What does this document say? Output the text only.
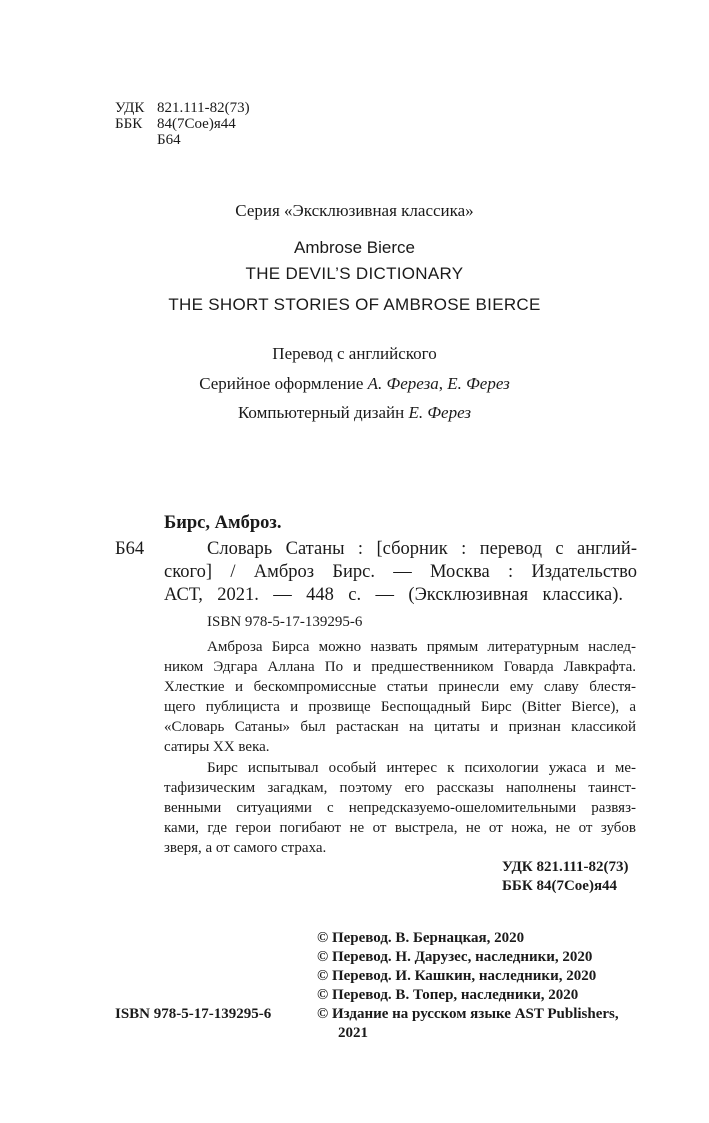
УДК 821.111-82(73)
ББК 84(7Сое)я44
Б64
Серия «Эксклюзивная классика»
Ambrose Bierce
THE DEVIL’S DICTIONARY
THE SHORT STORIES OF AMBROSE BIERCE
Перевод с английского
Серийное оформление А. Фереза, Е. Ферез
Компьютерный дизайн Е. Ферез
Бирс, Амброз.
Б64	Словарь Сатаны : [сборник : перевод с англий-
ского] / Амброз Бирс. — Москва : Издательство
АСТ, 2021. — 448 с. — (Эксклюзивная классика).
ISBN 978-5-17-139295-6
Амброза Бирса можно назвать прямым литературным наслед-
ником Эдгара Аллана По и предшественником Говарда Лавкрафта.
Хлесткие и бескомпромиссные статьи принесли ему славу блестя-
щего публициста и прозвище Беспощадный Бирс (Bitter Bierce), а
«Словарь Сатаны» был растаскан на цитаты и признан классикой
сатиры XX века.
Бирс испытывал особый интерес к психологии ужаса и ме-
тафизическим загадкам, поэтому его рассказы наполнены таинст-
венными ситуациями с непредсказуемо-ошеломительными развяз-
ками, где герои погибают не от выстрела, не от ножа, не от зубов
зверя, а от самого страха.
УДК 821.111-82(73)
ББК 84(7Сое)я44
© Перевод. В. Бернацкая, 2020
© Перевод. Н. Дарузес, наследники, 2020
© Перевод. И. Кашкин, наследники, 2020
© Перевод. В. Топер, наследники, 2020
© Издание на русском языке AST Publishers,
2021
ISBN 978-5-17-139295-6
